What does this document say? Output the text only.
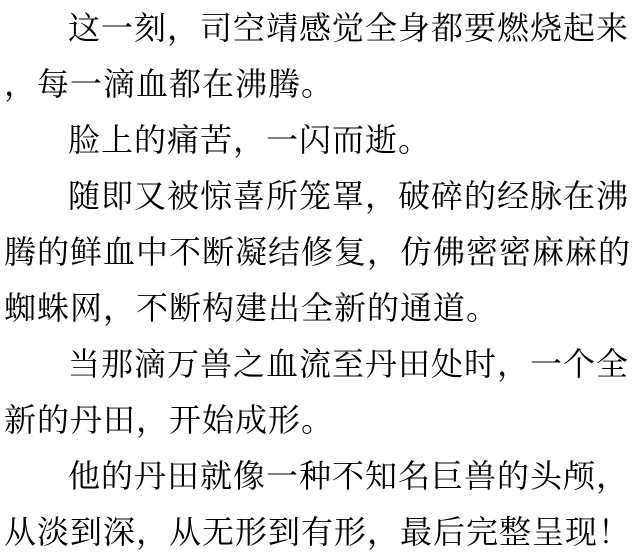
这一刻，司空靖感觉全身都要燃烧起来
，每一滴血都在沸腾。
脸上的痛苦，一闪而逝。
随即又被惊喜所笼罩，破碎的经脉在沸
腾的鲜血中不断凝结修复，仿佛密密麻麻的
蜘蛛网，不断构建出全新的通道。
当那滴万兽之血流至丹田处时，一个全
新的丹田，开始成形。
他的丹田就像一种不知名巨兽的头颅，
从淡到深，从无形到有形，最后完整呈现！
